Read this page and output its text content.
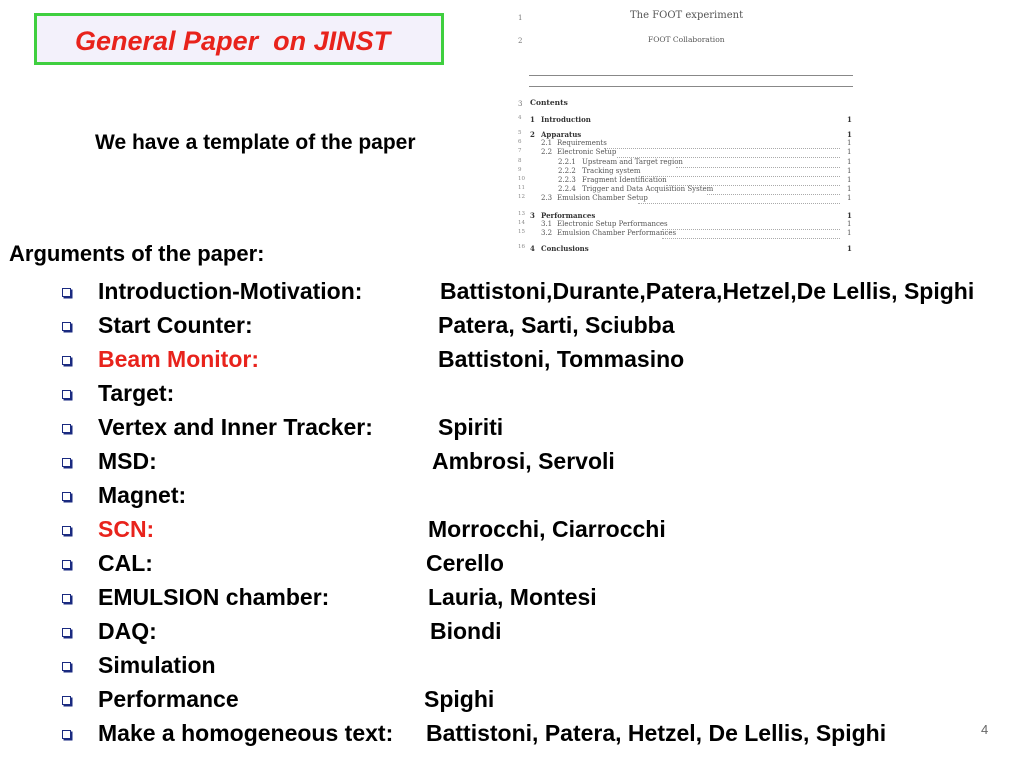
General Paper  on JINST
We have a template of the paper
1	The FOOT experiment
2	FOOT Collaboration
3 Contents
4 1 Introduction	1
5 2 Apparatus	1
6	2.1 Requirements	1
7	2.2 Electronic Setup	1
8	2.2.1 Upstream and Target region	1
9	2.2.2 Tracking system	1
10	2.2.3 Fragment Identification	1
11	2.2.4 Trigger and Data Acquisition System	1
12 2.3 Emulsion Chamber Setup	1
13 3 Performances	1
14 3.1 Electronic Setup Performances	1
15 3.2 Emulsion Chamber Performances	1
16 4 Conclusions	1
Arguments of the paper:
Introduction-Motivation:	Battistoni,Durante,Patera,Hetzel,De Lellis, Spighi
Start Counter:	Patera, Sarti, Sciubba
Beam Monitor:	Battistoni, Tommasino
Target:
Vertex and Inner Tracker:	Spiriti
MSD:	Ambrosi, Servoli
Magnet:
SCN:	Morrocchi, Ciarrocchi
CAL:	Cerello
EMULSION chamber:	Lauria, Montesi
DAQ:	Biondi
Simulation
Performance	Spighi
Make a homogeneous text: Battistoni, Patera, Hetzel, De Lellis, Spighi	4
